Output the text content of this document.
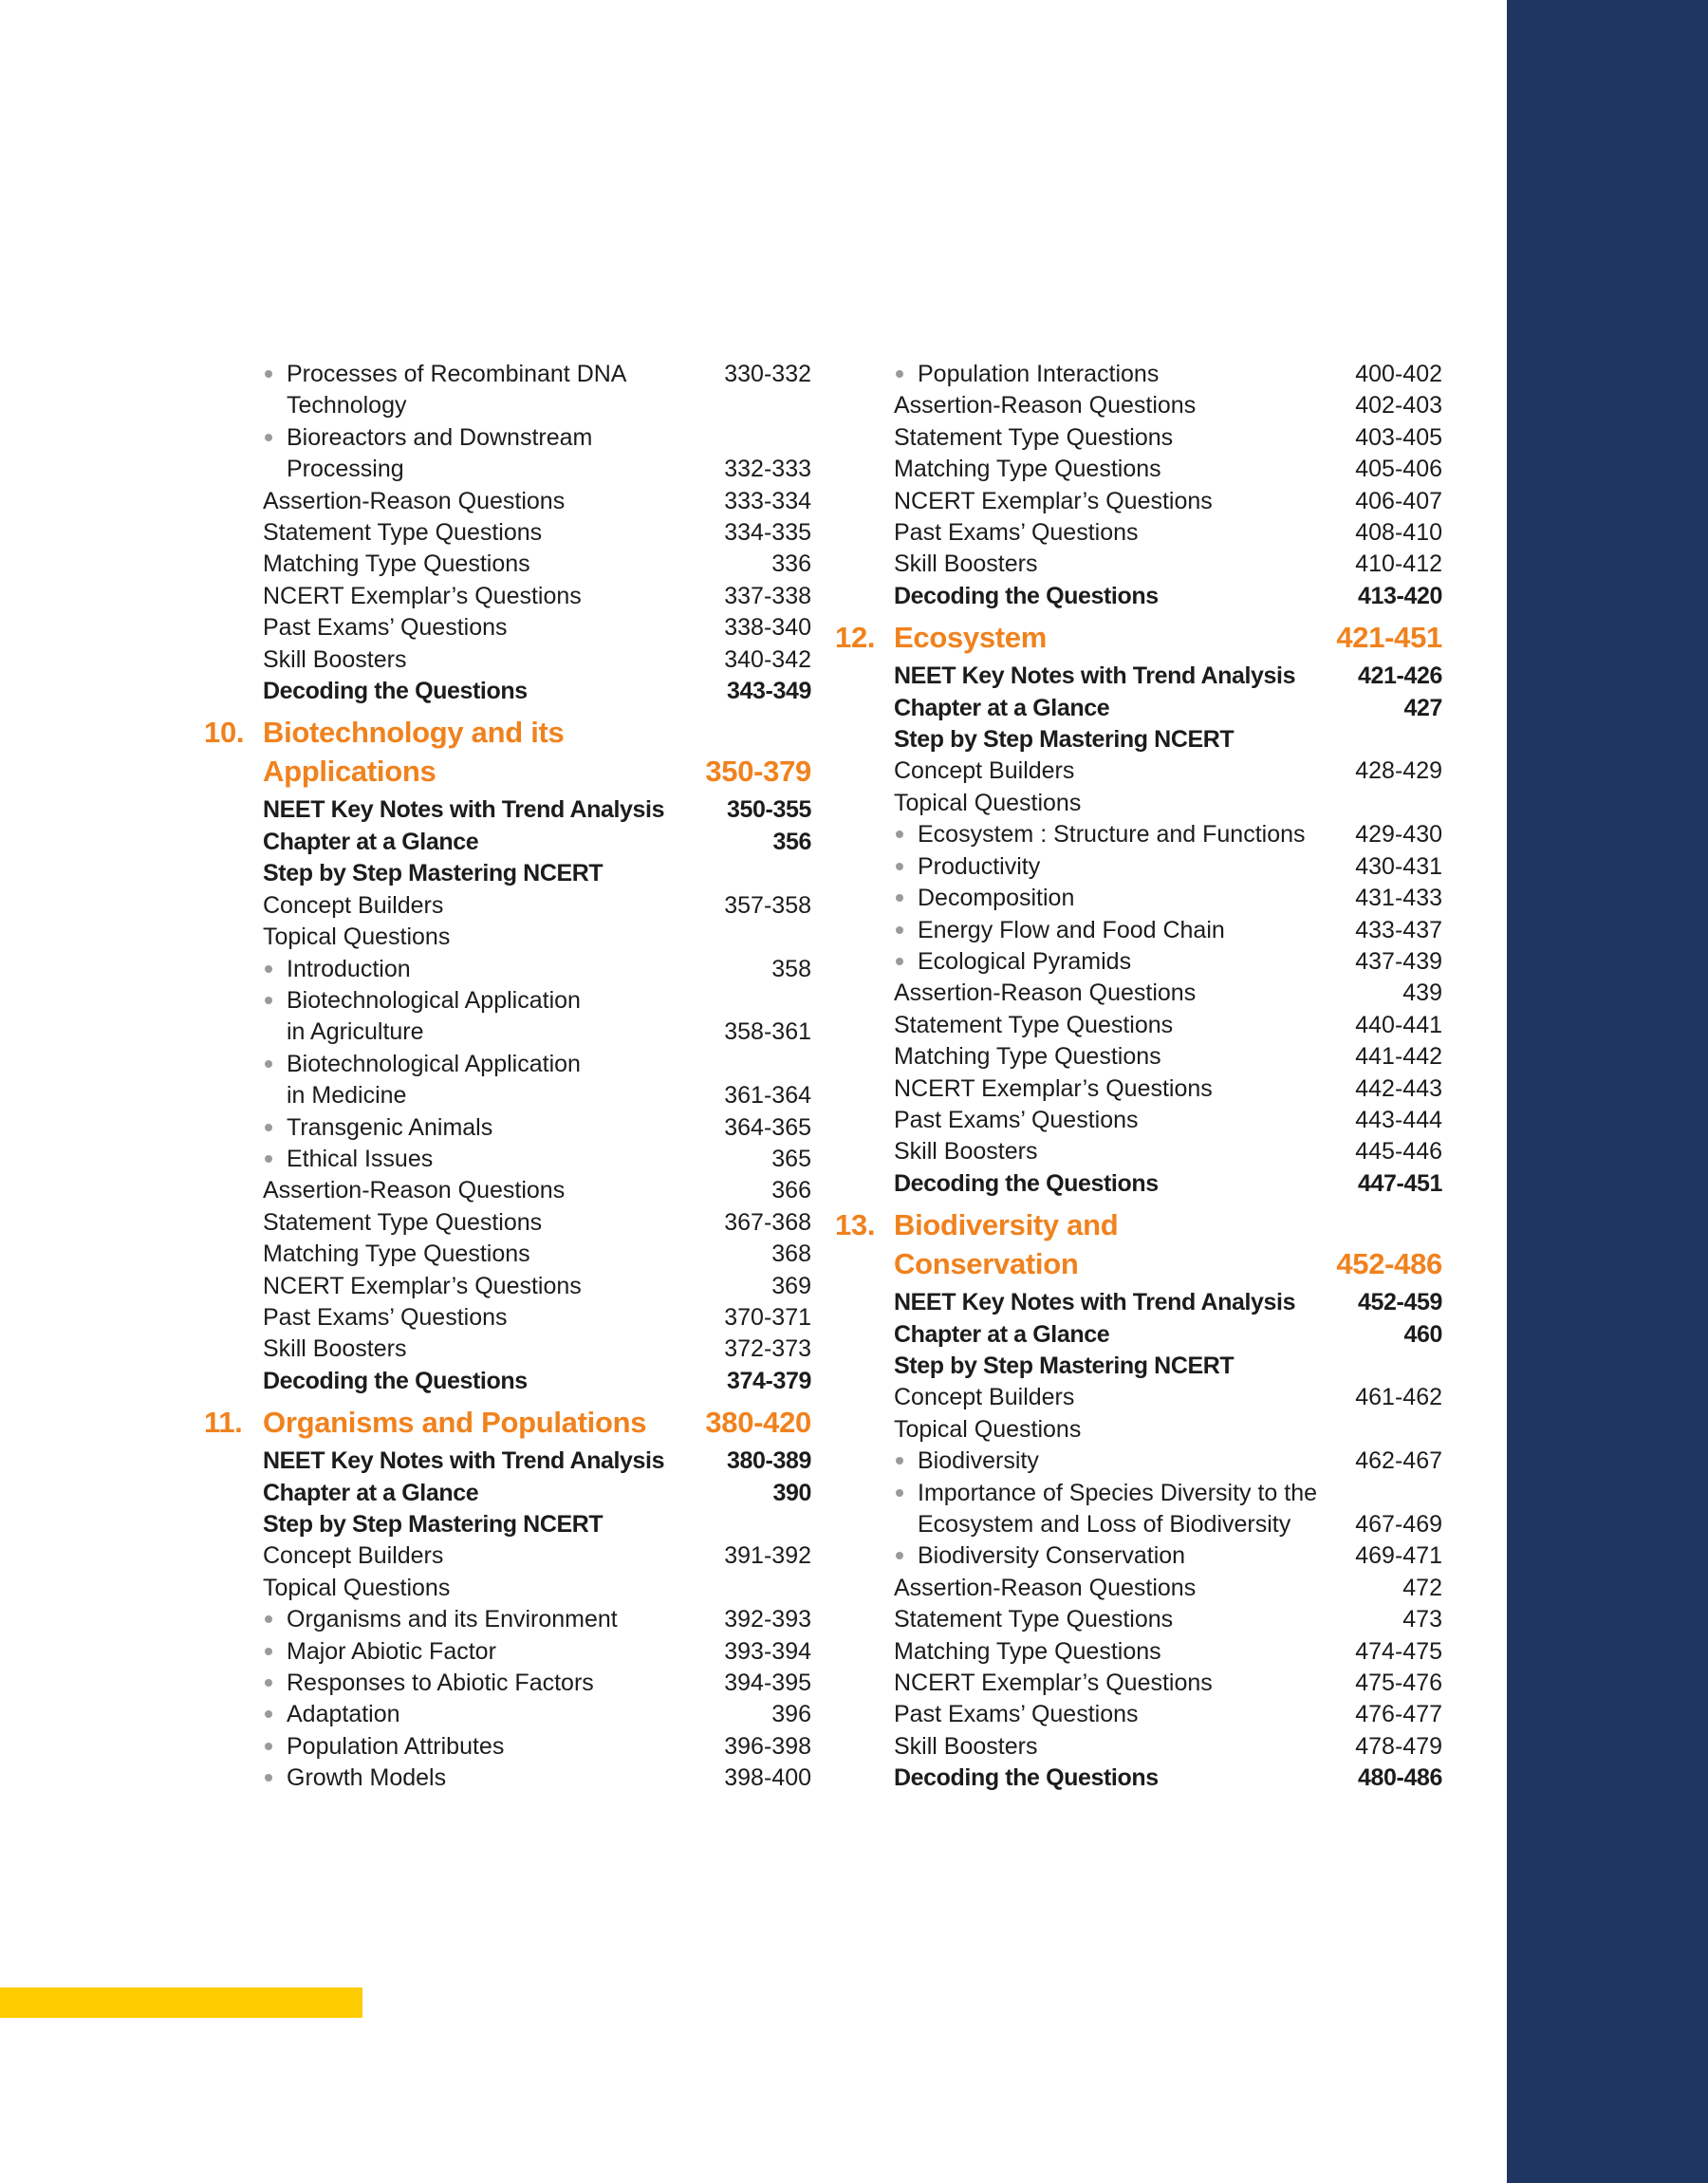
Processes of Recombinant DNA	330-332
Technology
Bioreactors and Downstream
Processing	332-333
Assertion-Reason Questions	333-334
Statement Type Questions	334-335
Matching Type Questions	336
NCERT Exemplar’s Questions	337-338
Past Exams’ Questions	338-340
Skill Boosters	340-342
Decoding the Questions	343-349
10. Biotechnology and its
Applications	350-379
NEET Key Notes with Trend Analysis	350-355
Chapter at a Glance	356
Step by Step Mastering NCERT
Concept Builders	357-358
Topical Questions
Introduction	358
Biotechnological Application
in Agriculture	358-361
Biotechnological Application
in Medicine	361-364
Transgenic Animals	364-365
Ethical Issues	365
Assertion-Reason Questions	366
Statement Type Questions	367-368
Matching Type Questions	368
NCERT Exemplar’s Questions	369
Past Exams’ Questions	370-371
Skill Boosters	372-373
Decoding the Questions	374-379
11. Organisms and Populations	380-420
NEET Key Notes with Trend Analysis	380-389
Chapter at a Glance	390
Step by Step Mastering NCERT
Concept Builders	391-392
Topical Questions
Organisms and its Environment	392-393
Major Abiotic Factor	393-394
Responses to Abiotic Factors	394-395
Adaptation	396
Population Attributes	396-398
Growth Models	398-400
Population Interactions	400-402
Assertion-Reason Questions	402-403
Statement Type Questions	403-405
Matching Type Questions	405-406
NCERT Exemplar’s Questions	406-407
Past Exams’ Questions	408-410
Skill Boosters	410-412
Decoding the Questions	413-420
12. Ecosystem	421-451
NEET Key Notes with Trend Analysis	421-426
Chapter at a Glance	427
Step by Step Mastering NCERT
Concept Builders	428-429
Topical Questions
Ecosystem : Structure and Functions	429-430
Productivity	430-431
Decomposition	431-433
Energy Flow and Food Chain	433-437
Ecological Pyramids	437-439
Assertion-Reason Questions	439
Statement Type Questions	440-441
Matching Type Questions	441-442
NCERT Exemplar’s Questions	442-443
Past Exams’ Questions	443-444
Skill Boosters	445-446
Decoding the Questions	447-451
13. Biodiversity and
Conservation	452-486
NEET Key Notes with Trend Analysis	452-459
Chapter at a Glance	460
Step by Step Mastering NCERT
Concept Builders	461-462
Topical Questions
Biodiversity	462-467
Importance of Species Diversity to the
Ecosystem and Loss of Biodiversity	467-469
Biodiversity Conservation	469-471
Assertion-Reason Questions	472
Statement Type Questions	473
Matching Type Questions	474-475
NCERT Exemplar’s Questions	475-476
Past Exams’ Questions	476-477
Skill Boosters	478-479
Decoding the Questions	480-486
